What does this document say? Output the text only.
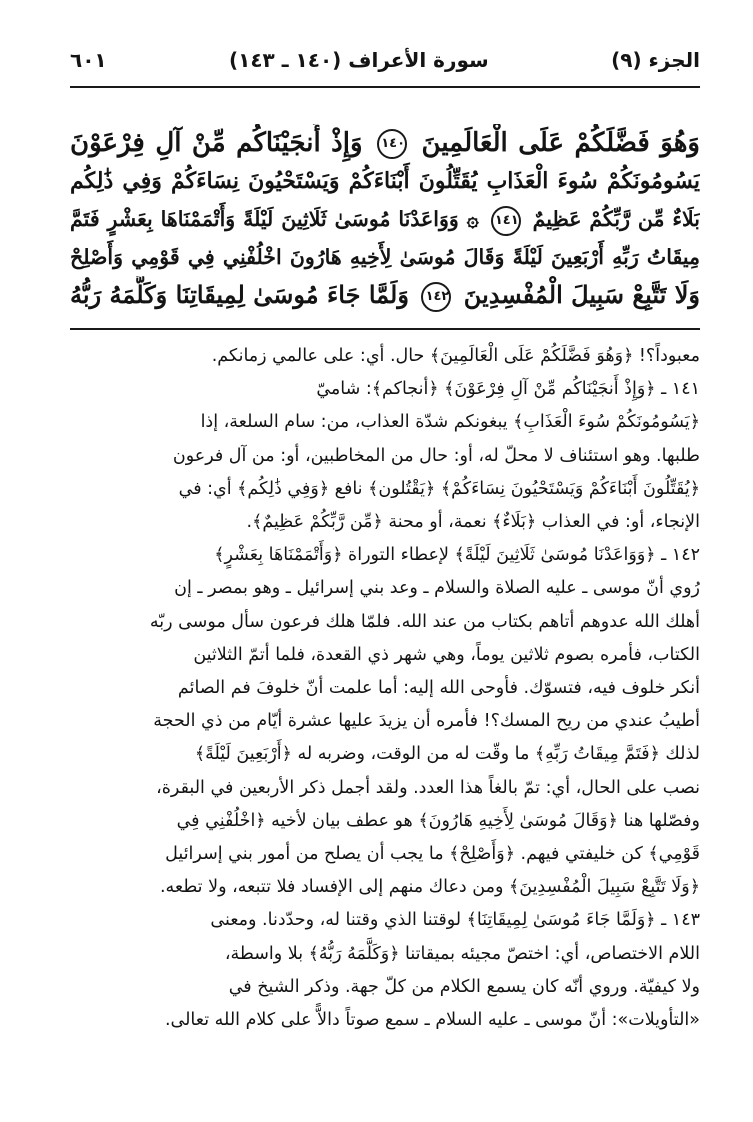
الجزء (٩)
سورة الأعراف (١٤٠ ـ ١٤٣)
٦٠١
وَهُوَ فَضَّلَكُمْ عَلَى الْعَالَمِينَ ١٤٠ وَإِذْ أَنجَيْنَاكُم مِّنْ آلِ فِرْعَوْنَ
يَسُومُونَكُمْ سُوءَ الْعَذَابِ يُقَتِّلُونَ أَبْنَاءَكُمْ وَيَسْتَحْيُونَ نِسَاءَكُمْ وَفِي ذَٰلِكُم
بَلَاءٌ مِّن رَّبِّكُمْ عَظِيمٌ ١٤١ ۞ وَوَاعَدْنَا مُوسَىٰ ثَلَاثِينَ لَيْلَةً وَأَتْمَمْنَاهَا بِعَشْرٍ فَتَمَّ
مِيقَاتُ رَبِّهِ أَرْبَعِينَ لَيْلَةً وَقَالَ مُوسَىٰ لِأَخِيهِ هَارُونَ اخْلُفْنِي فِي قَوْمِي وَأَصْلِحْ
وَلَا تَتَّبِعْ سَبِيلَ الْمُفْسِدِينَ ١٤٢ وَلَمَّا جَاءَ مُوسَىٰ لِمِيقَاتِنَا وَكَلَّمَهُ رَبُّهُ
معبوداً؟! ﴿وَهُوَ فَضَّلَكُمْ عَلَى الْعَالَمِينَ﴾ حال. أي: على عالمي زمانكم.
١٤١ ـ ﴿وَإِذْ أَنجَيْنَاكُم مِّنْ آلِ فِرْعَوْنَ﴾ ﴿أنجاكم﴾: شاميّ
﴿يَسُومُونَكُمْ سُوءَ الْعَذَابِ﴾ يبغونكم شدّة العذاب، من: سام السلعة، إذا
طلبها. وهو استئناف لا محلّ له، أو: حال من المخاطبين، أو: من آل فرعون
﴿يُقَتِّلُونَ أَبْنَاءَكُمْ وَيَسْتَحْيُونَ نِسَاءَكُمْ﴾ ﴿يَقْتُلون﴾ نافع ﴿وَفِي ذَٰلِكُم﴾ أي: في
الإنجاء، أو: في العذاب ﴿بَلَاءٌ﴾ نعمة، أو محنة ﴿مِّن رَّبِّكُمْ عَظِيمٌ﴾.
١٤٢ ـ ﴿وَوَاعَدْنَا مُوسَىٰ ثَلَاثِينَ لَيْلَةً﴾ لإعطاء التوراة ﴿وَأَتْمَمْنَاهَا بِعَشْرٍ﴾
رُوي أنّ موسى ـ عليه الصلاة والسلام ـ وعد بني إسرائيل ـ وهو بمصر ـ إن
أهلك الله عدوهم أتاهم بكتاب من عند الله. فلمّا هلك فرعون سأل موسى ربّه
الكتاب، فأمره بصوم ثلاثين يوماً، وهي شهر ذي القعدة، فلما أتمّ الثلاثين
أنكر خلوف فيه، فتسوّك. فأوحى الله إليه: أما علمت أنّ خلوفَ فم الصائم
أطيبُ عندي من ريح المسك؟! فأمره أن يزيدَ عليها عشرة أيّام من ذي الحجة
لذلك ﴿فَتَمَّ مِيقَاتُ رَبِّهِ﴾ ما وقّت له من الوقت، وضربه له ﴿أَرْبَعِينَ لَيْلَةً﴾
نصب على الحال، أي: تمّ بالغاً هذا العدد. ولقد أجمل ذكر الأربعين في البقرة،
وفصّلها هنا ﴿وَقَالَ مُوسَىٰ لِأَخِيهِ هَارُونَ﴾ هو عطف بيان لأخيه ﴿اخْلُفْنِي فِي
قَوْمِي﴾ كن خليفتي فيهم. ﴿وَأَصْلِحْ﴾ ما يجب أن يصلح من أمور بني إسرائيل
﴿وَلَا تَتَّبِعْ سَبِيلَ الْمُفْسِدِينَ﴾ ومن دعاك منهم إلى الإفساد فلا تتبعه، ولا تطعه.
١٤٣ ـ ﴿وَلَمَّا جَاءَ مُوسَىٰ لِمِيقَاتِنَا﴾ لوقتنا الذي وقتنا له، وحدّدنا. ومعنى
اللام الاختصاص، أي: اختصّ مجيئه بميقاتنا ﴿وَكَلَّمَهُ رَبُّهُ﴾ بلا واسطة،
ولا كيفيّة. وروي أنّه كان يسمع الكلام من كلّ جهة. وذكر الشيخ في
«التأويلات»: أنّ موسى ـ عليه السلام ـ سمع صوتاً دالاًّ على كلام الله تعالى.
